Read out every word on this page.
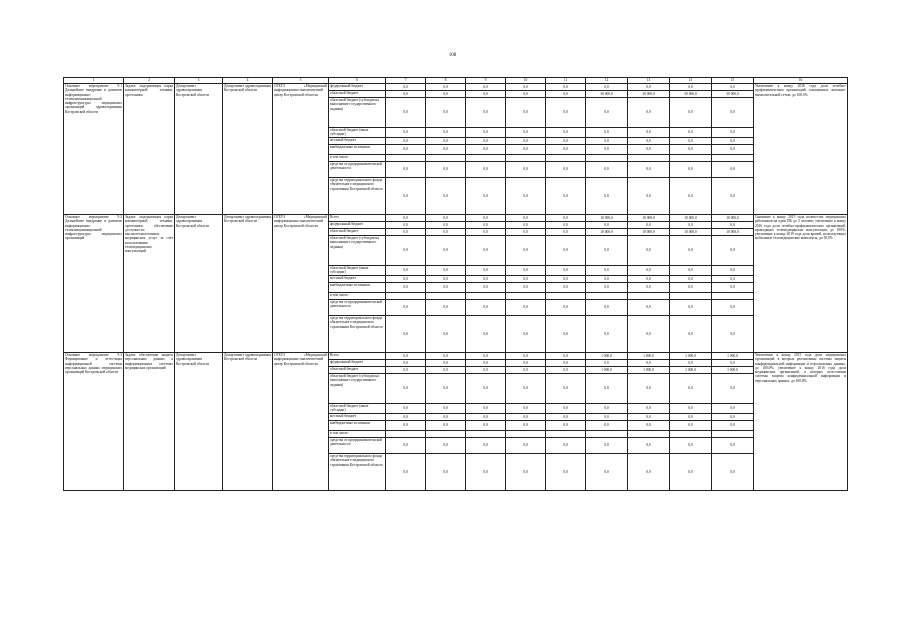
108
1	2	3	4	5	6	7	8	9	10	11	12	13	14	15	16
Основное мероприятие 9.1 Дальнейшее внедрение и развитие информационно-телекоммуникационной инфраструктуры медицинских организаций здравоохранения Костромской области	Задача: модернизация парка компьютерной техники, оргтехники	Департамент здравоохранения Костромской области	Департамент здравоохранения Костромской области	ОГБУЗ «Медицинский информационно-аналитический центр Костромской области»	федеральный бюджет	0,0	0,0	0,0	0,0	0,0	0,0	0,0	0,0	0,0	Увеличение к концу 2016 года доли лечебно-профилактических организаций, оснащенных локально-вычислительной сетью, до 100,0%
					областной бюджет	0,0	0,0	0,0	0,0	0,0	30 000,0	30 000,0	30 000,0	30 000,0	
					областной бюджет (субсидия на выполнение государственного задания)	0,0	0,0	0,0	0,0	0,0	0,0	0,0	0,0	0,0	
					областной бюджет (иные субсидии)	0,0	0,0	0,0	0,0	0,0	0,0	0,0	0,0	0,0	
					местный бюджет	0,0	0,0	0,0	0,0	0,0	0,0	0,0	0,0	0,0	
					внебюджетные источники	0,0	0,0	0,0	0,0	0,0	0,0	0,0	0,0	0,0	
					в том числе:										
					средства от предпринимательской деятельности	0,0	0,0	0,0	0,0	0,0	0,0	0,0	0,0	0,0	
					средства территориального фонда обязательного медицинского страхования Костромской области	0,0	0,0	0,0	0,0	0,0	0,0	0,0	0,0	0,0	
Основное мероприятие 9.2 Дальнейшее внедрение и развитие информационно-телекоммуникационной инфраструктуры медицинских организаций	Задача: модернизация парка компьютерной техники, оргтехники, обеспечение доступности высокотехнологичных медицинских услуг за счет использования телемедицинских консультаций	Департамент здравоохранения Костромской области	Департамент здравоохранения Костромской области	ОГБУЗ «Медицинский информационно-аналитический центр Костромской области»	Всего	0,0	0,0	0,0	0,0	0,0	10 000,0	10 000,0	10 000,0	10 000,0	Снижение к концу 2015 года количества медицинских работников на один ПК до 3 человек; увеличение к концу 2016 года доли лечебно-профилактических организаций, проводящих телемедицинские консультации, до 100%; увеличение к концу 2019 года доли врачей, использующих мобильные телемедицинские комплексы, до 30,0%
					федеральный бюджет	0,0	0,0	0,0	0,0	0,0	0,0	0,0	0,0	0,0	
					областной бюджет	0,0	0,0	0,0	0,0	0,0	10 000,0	10 000,0	10 000,0	10 000,0	
					областной бюджет (субсидия на выполнение государственного задания)	0,0	0,0	0,0	0,0	0,0	0,0	0,0	0,0	0,0	
					областной бюджет (иные субсидии)	0,0	0,0	0,0	0,0	0,0	0,0	0,0	0,0	0,0	
					местный бюджет	0,0	0,0	0,0	0,0	0,0	0,0	0,0	0,0	0,0	
					внебюджетные источники	0,0	0,0	0,0	0,0	0,0	0,0	0,0	0,0	0,0	
					в том числе:										
					средства от предпринимательской деятельности	0,0	0,0	0,0	0,0	0,0	0,0	0,0	0,0	0,0	
					средства территориального фонда обязательного медицинского страхования Костромской области	0,0	0,0	0,0	0,0	0,0	0,0	0,0	0,0	0,0	
Основное мероприятие 9.3 Формирование и аттестация информационной системы персональных данных медицинских организаций Костромской области	Задача: обеспечение защиты персональных данных в информационных системах медицинских организаций	Департамент здравоохранения Костромской области	Департамент здравоохранения Костромской области	ОГБУЗ «Медицинский информационно-аналитический центр Костромской области»	Всего	0,0	0,0	0,0	0,0	0,0	1 000,0	1 000,0	1 000,0	1 000,0	Увеличение к концу 2015 года доли медицинских организаций, в которых реализованы системы защиты конфиденциальной информации и персональных данных, до 100,0%; увеличение к концу 2016 года доли медицинских организаций, в которых аттестованы системы защиты конфиденциальной информации и персональных данных, до 100,0%
					федеральный бюджет	0,0	0,0	0,0	0,0	0,0	0,0	0,0	0,0	0,0	
					областной бюджет	0,0	0,0	0,0	0,0	0,0	1 000,0	1 000,0	1 000,0	1 000,0	
					областной бюджет (субсидия на выполнение государственного задания)	0,0	0,0	0,0	0,0	0,0	0,0	0,0	0,0	0,0	
					областной бюджет (иные субсидии)	0,0	0,0	0,0	0,0	0,0	0,0	0,0	0,0	0,0	
					местный бюджет	0,0	0,0	0,0	0,0	0,0	0,0	0,0	0,0	0,0	
					внебюджетные источники	0,0	0,0	0,0	0,0	0,0	0,0	0,0	0,0	0,0	
					в том числе:										
					средства от предпринимательской деятельности	0,0	0,0	0,0	0,0	0,0	0,0	0,0	0,0	0,0	
					средства территориального фонда обязательного медицинского страхования Костромской области	0,0	0,0	0,0	0,0	0,0	0,0	0,0	0,0	0,0	
